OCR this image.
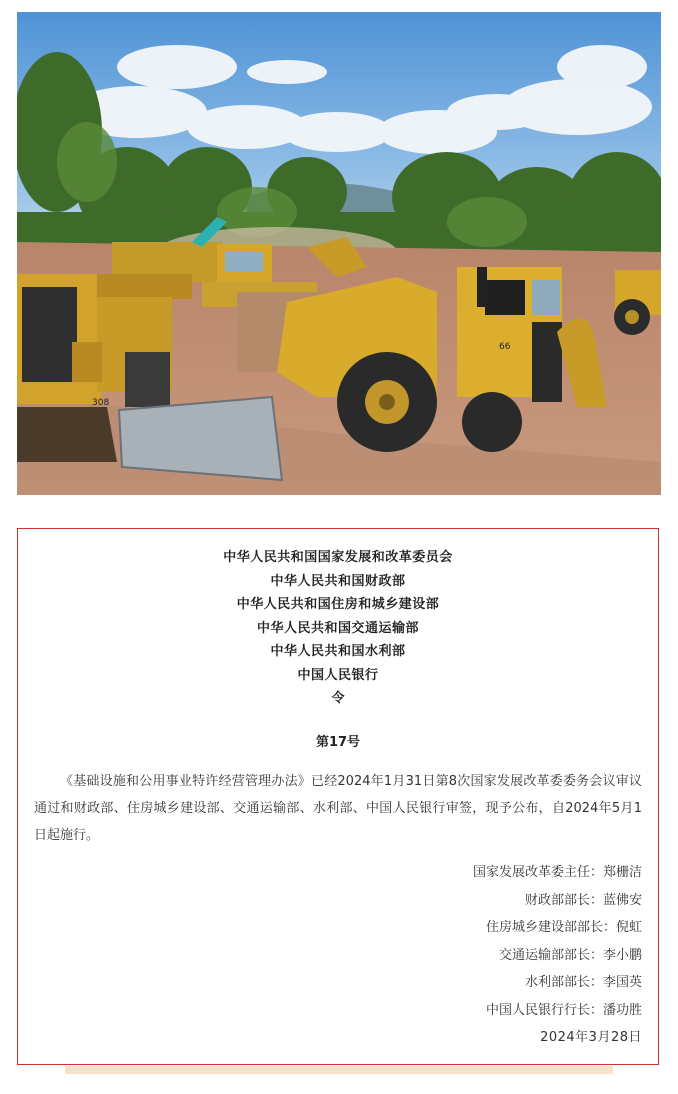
308
66
中华人民共和国国家发展和改革委员会
中华人民共和国财政部
中华人民共和国住房和城乡建设部
中华人民共和国交通运输部
中华人民共和国水利部
中国人民银行
令
第17号
《基础设施和公用事业特许经营管理办法》已经2024年1月31日第8次国家发展改革委委务会议审议通过和财政部、住房城乡建设部、交通运输部、水利部、中国人民银行审签，现予公布，自2024年5月1日起施行。
国家发展改革委主任：郑栅洁
财政部部长：蓝佛安
住房城乡建设部部长：倪虹
交通运输部部长：李小鹏
水利部部长：李国英
中国人民银行行长：潘功胜
2024年3月28日
